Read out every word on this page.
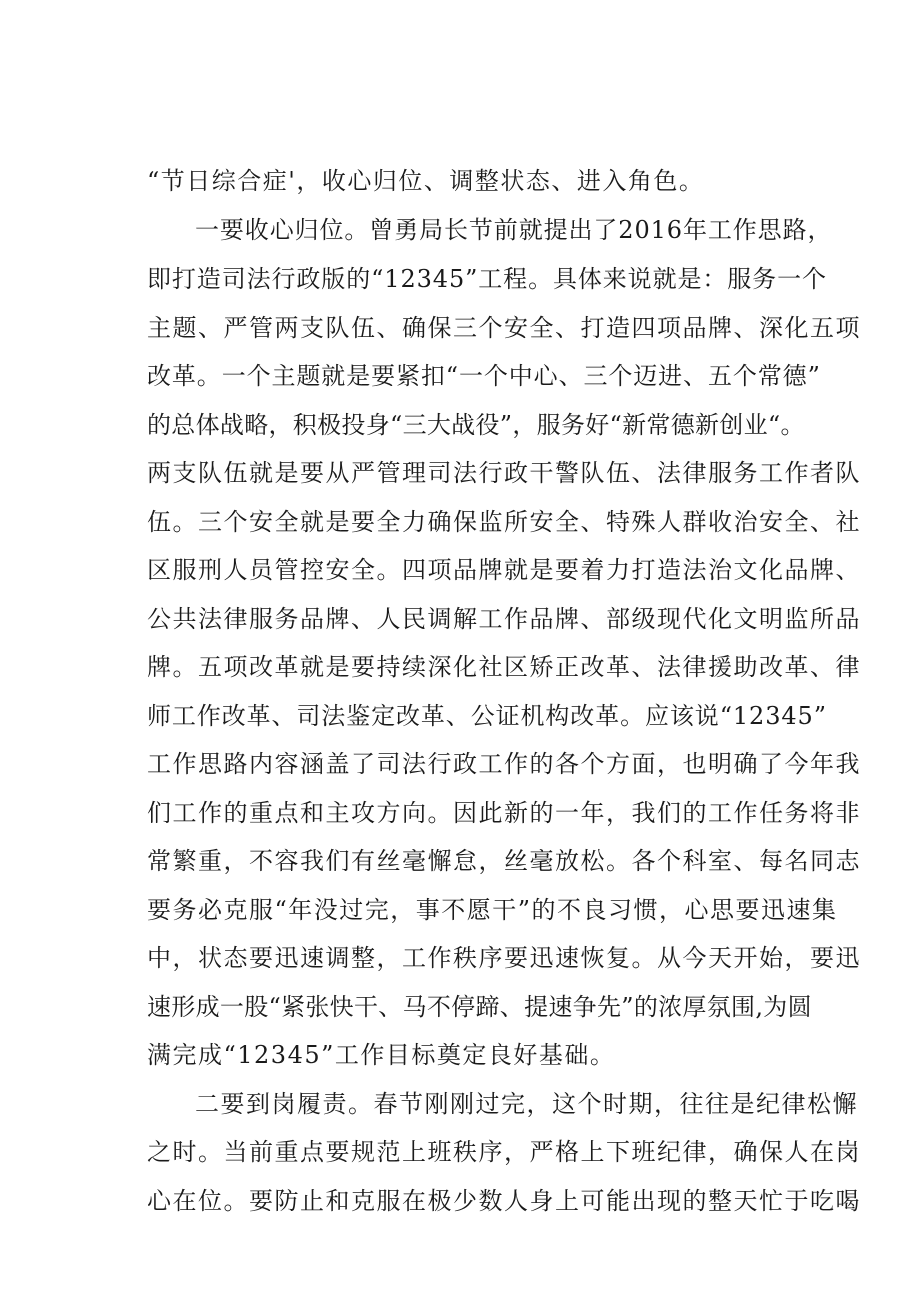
“节日综合症'，收心归位、调整状态、进入角色。
一要收心归位。曾勇局长节前就提出了2016年工作思路，
即打造司法行政版的“12345”工程。具体来说就是：服务一个
主题、严管两支队伍、确保三个安全、打造四项品牌、深化五项
改革。一个主题就是要紧扣“一个中心、三个迈进、五个常德”
的总体战略，积极投身“三大战役”，服务好“新常德新创业“。
两支队伍就是要从严管理司法行政干警队伍、法律服务工作者队
伍。三个安全就是要全力确保监所安全、特殊人群收治安全、社
区服刑人员管控安全。四项品牌就是要着力打造法治文化品牌、
公共法律服务品牌、人民调解工作品牌、部级现代化文明监所品
牌。五项改革就是要持续深化社区矫正改革、法律援助改革、律
师工作改革、司法鉴定改革、公证机构改革。应该说“12345”
工作思路内容涵盖了司法行政工作的各个方面，也明确了今年我
们工作的重点和主攻方向。因此新的一年，我们的工作任务将非
常繁重，不容我们有丝毫懈怠，丝毫放松。各个科室、每名同志
要务必克服“年没过完，事不愿干”的不良习惯，心思要迅速集
中，状态要迅速调整，工作秩序要迅速恢复。从今天开始，要迅
速形成一股“紧张快干、马不停蹄、提速争先”的浓厚氛围,为圆
满完成“12345”工作目标奠定良好基础。
二要到岗履责。春节刚刚过完，这个时期，往往是纪律松懈
之时。当前重点要规范上班秩序，严格上下班纪律，确保人在岗
心在位。要防止和克服在极少数人身上可能出现的整天忙于吃喝
